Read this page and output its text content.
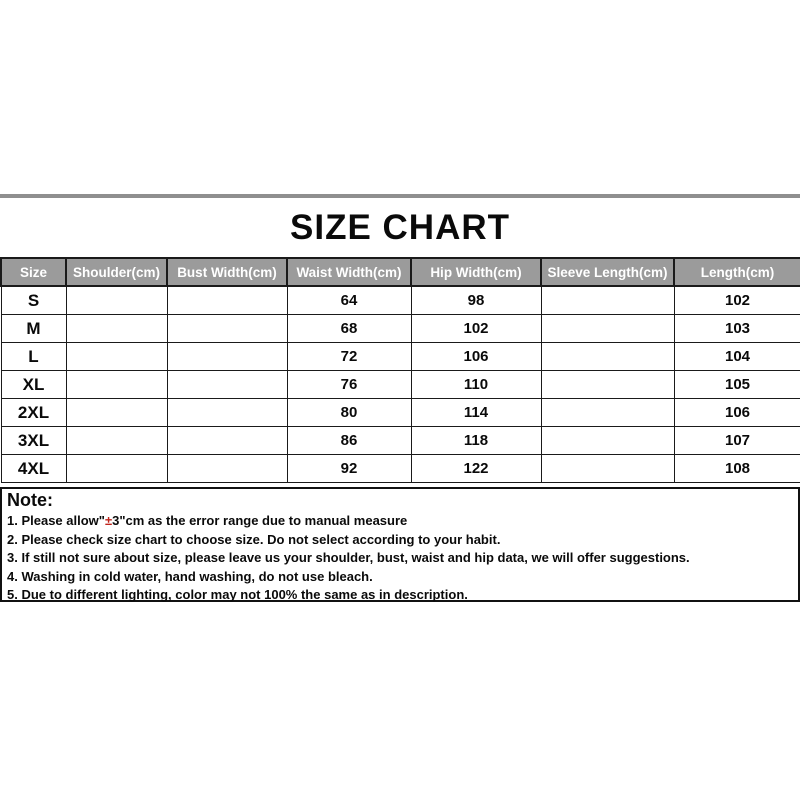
SIZE CHART
Size	Shoulder(cm)	Bust Width(cm)	Waist Width(cm)	Hip Width(cm)	Sleeve Length(cm)	Length(cm)
S			64	98		102
M			68	102		103
L			72	106		104
XL			76	110		105
2XL			80	114		106
3XL			86	118		107
4XL			92	122		108
Note:

1. Please allow"±3"cm as the error range due to manual measure

2. Please check size chart to choose size. Do not select according to your habit.

3. If still not sure about size, please leave us your shoulder, bust, waist and hip data, we will offer suggestions.

4. Washing in cold water, hand washing, do not use bleach.

5. Due to different lighting, color may not 100% the same as in description.
